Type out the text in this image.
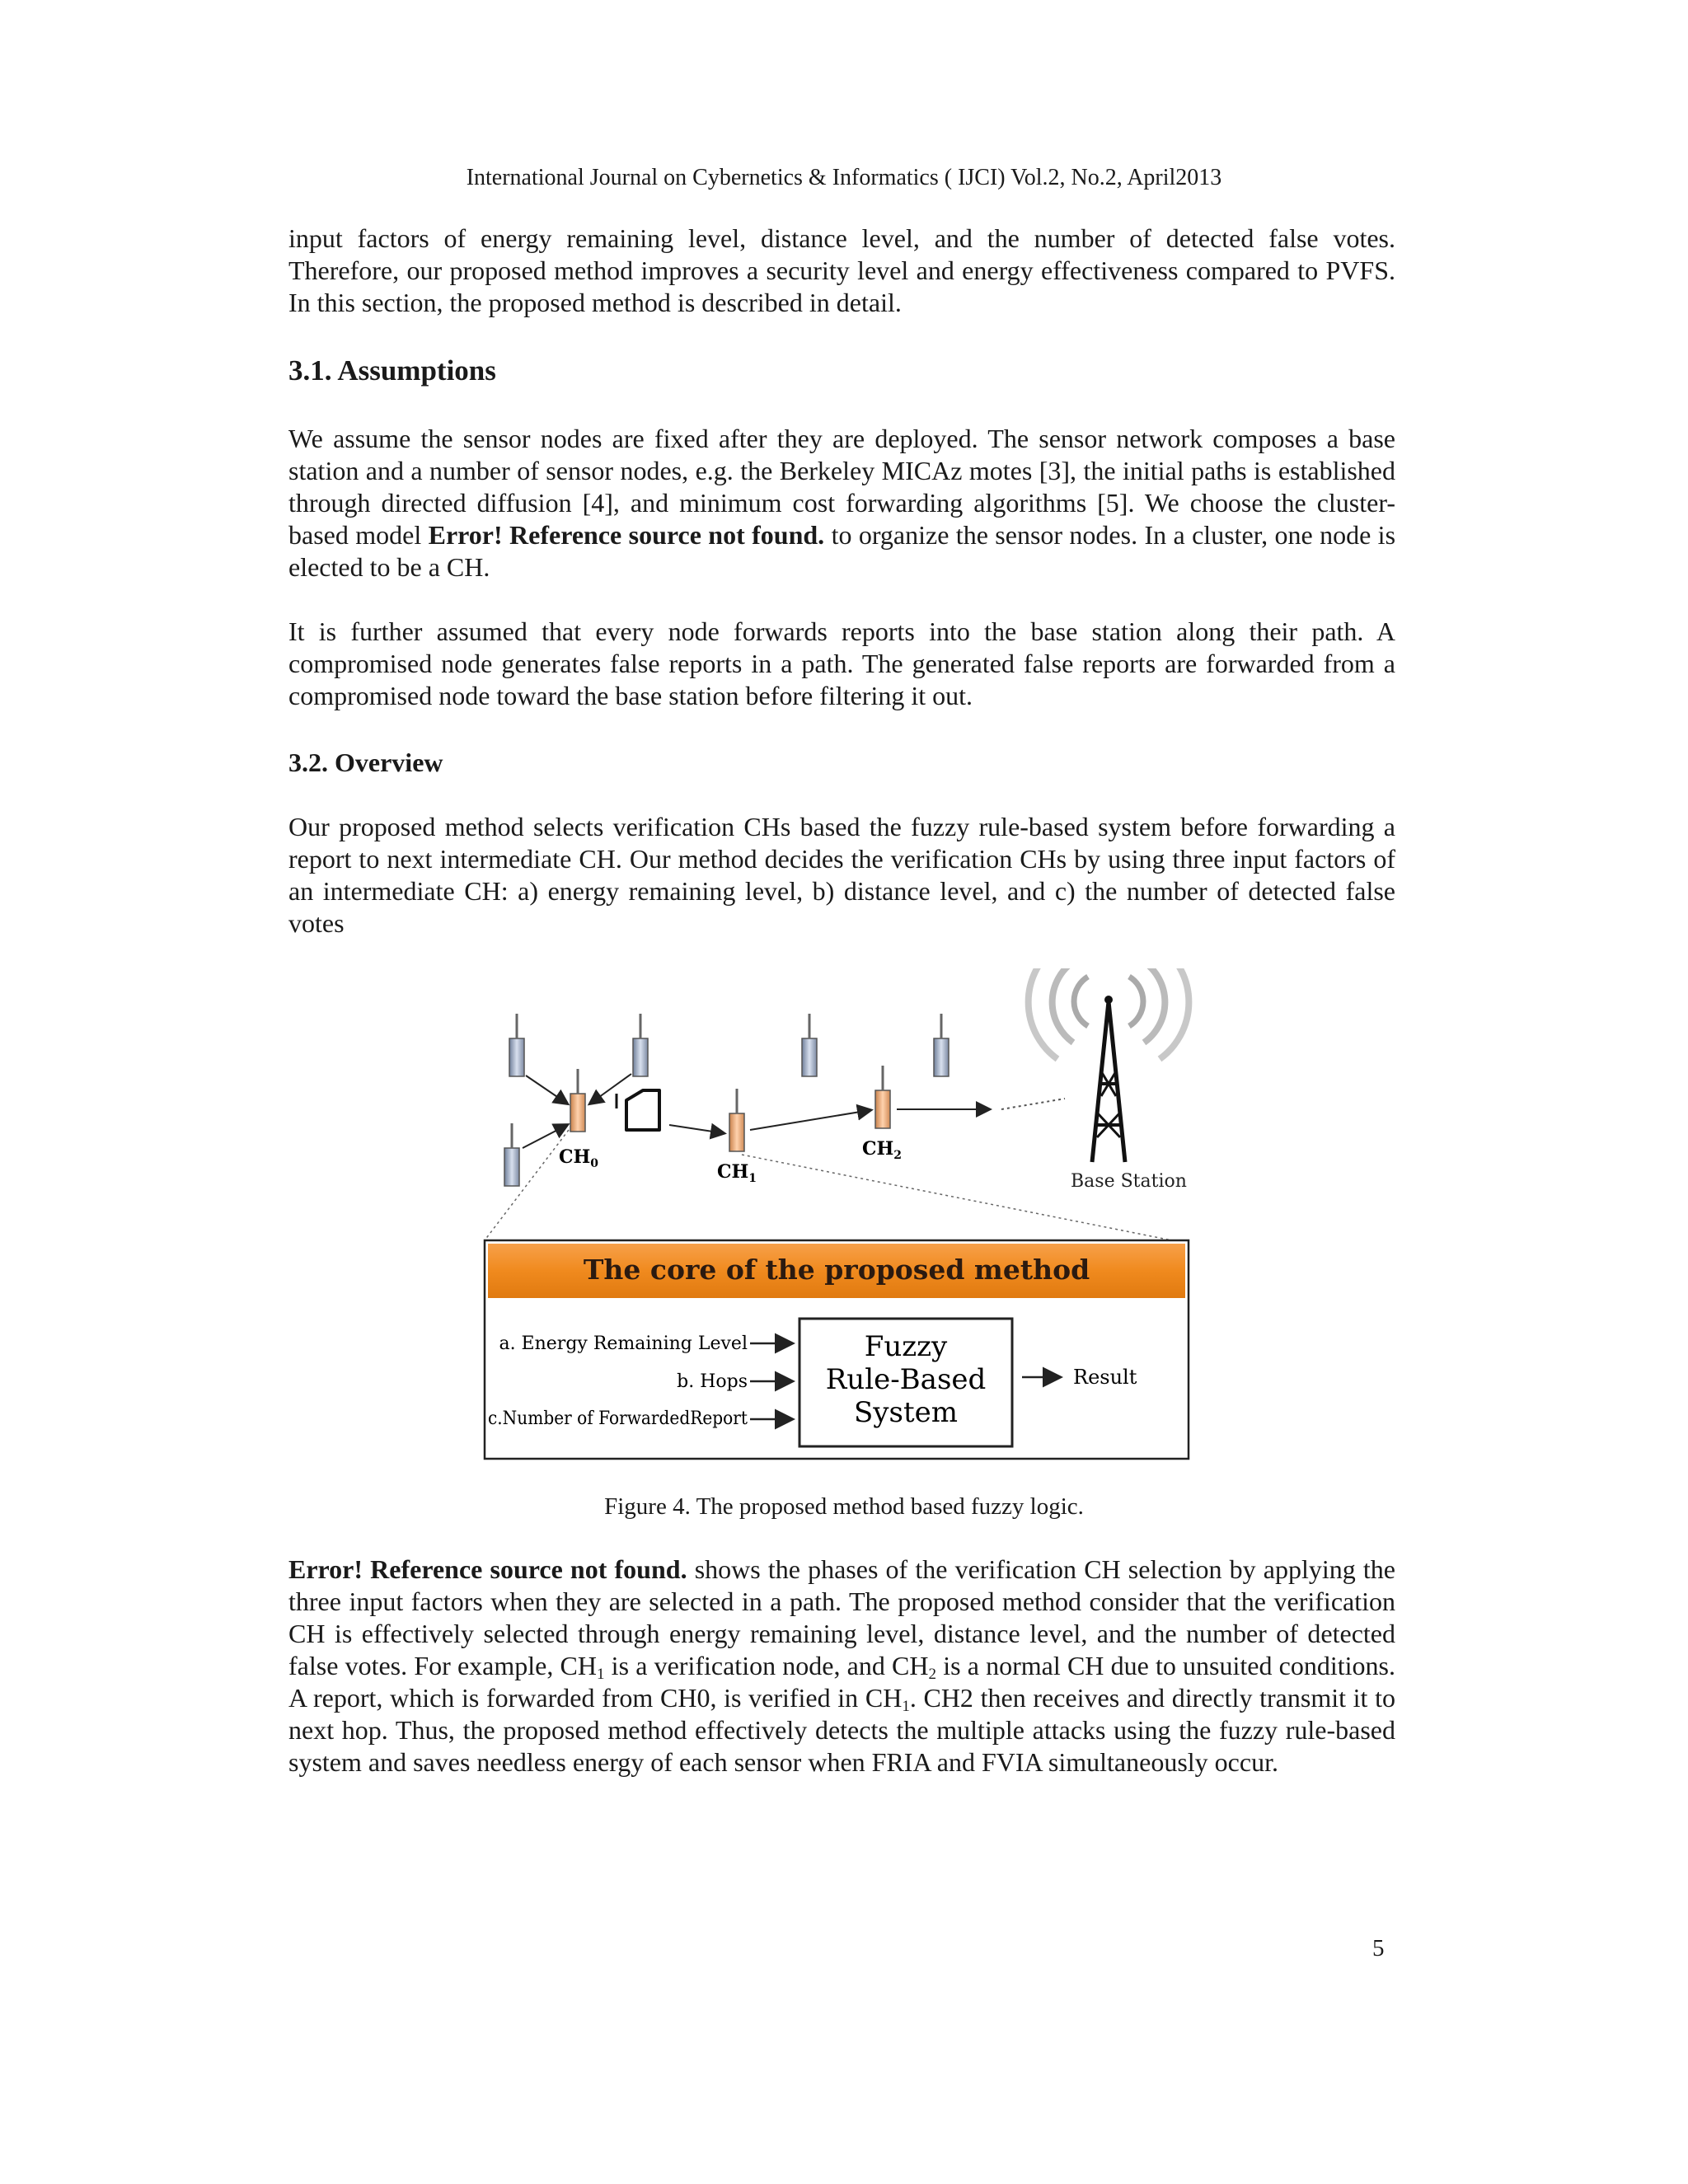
International Journal on Cybernetics & Informatics ( IJCI) Vol.2, No.2, April2013

input factors of energy remaining level, distance level, and the number of detected false votes. Therefore, our proposed method improves a security level and energy effectiveness compared to PVFS. In this section, the proposed method is described in detail.

3.1. Assumptions

We assume the sensor nodes are fixed after they are deployed. The sensor network composes a base station and a number of sensor nodes, e.g. the Berkeley MICAz motes [3], the initial paths is established through directed diffusion [4], and minimum cost forwarding algorithms [5]. We choose the cluster-based model Error! Reference source not found. to organize the sensor nodes. In a cluster, one node is elected to be a CH.

It is further assumed that every node forwards reports into the base station along their path. A compromised node generates false reports in a path. The generated false reports are forwarded from a compromised node toward the base station before filtering it out.

3.2. Overview

Our proposed method selects verification CHs based the fuzzy rule-based system before forwarding a report to next intermediate CH. Our method decides the verification CHs by using three input factors of an intermediate CH: a) energy remaining level, b) distance level, and c) the number of detected false votes

$CH_0$	$CH_1$
$CH_2$
Base Station
The core of the proposed method
a. Energy Remaining Level
b. Hops
c.Number of ForwardedReport
Fuzzy
Rule-Based
System
Result
Figure 4. The proposed method based fuzzy logic.

Error! Reference source not found. shows the phases of the verification CH selection by applying the three input factors when they are selected in a path. The proposed method consider that the verification CH is effectively selected through energy remaining level, distance level, and the number of detected false votes. For example, $CH_1$ is a verification node, and $CH_2$ is a normal CH due to unsuited conditions. A report, which is forwarded from CH0, is verified in $CH_1$. CH2 then receives and directly transmit it to next hop. Thus, the proposed method effectively detects the multiple attacks using the fuzzy rule-based system and saves needless energy of each sensor when FRIA and FVIA simultaneously occur.

5
